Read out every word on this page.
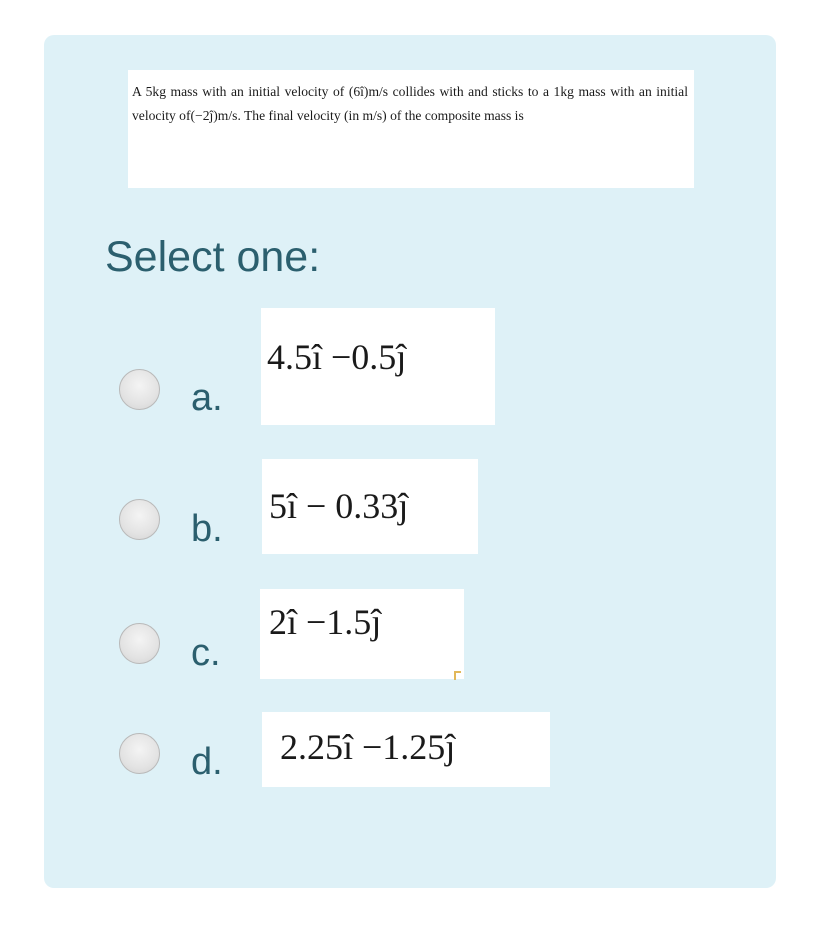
A 5kg mass with an initial velocity of (6î)m/s collides with and sticks to a 1kg mass with an initial velocity of(−2ĵ)m/s. The final velocity (in m/s) of the composite mass is
Select one:
a.
4.5î −0.5ĵ
b.
5î − 0.33ĵ
c.
2î −1.5ĵ
d.	2.25î −1.25ĵ
